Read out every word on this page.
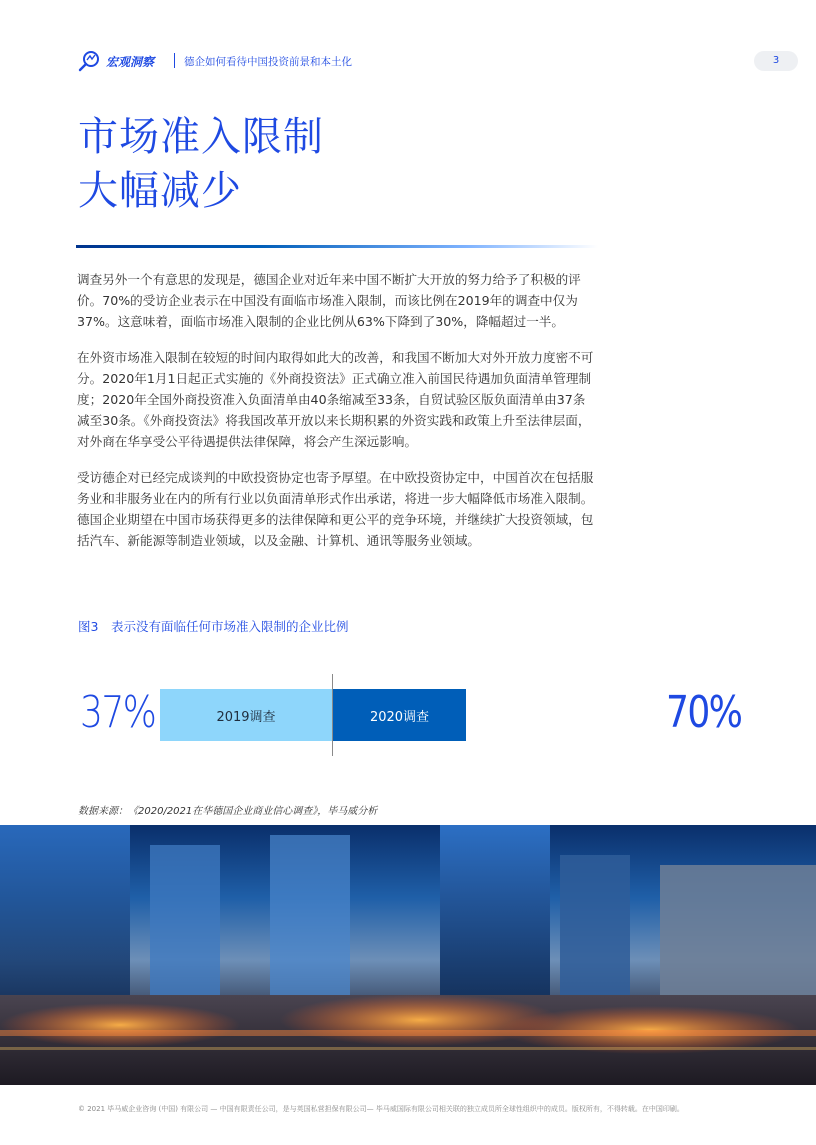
宏观洞察	德企如何看待中国投资前景和本土化	3
市场准入限制
大幅减少

调查另外一个有意思的发现是，德国企业对近年来中国不断扩大开放的努力给予了积极的评价。70%的受访企业表示在中国没有面临市场准入限制，而该比例在2019年的调查中仅为37%。这意味着，面临市场准入限制的企业比例从63%下降到了30%，降幅超过一半。

在外资市场准入限制在较短的时间内取得如此大的改善，和我国不断加大对外开放力度密不可分。2020年1月1日起正式实施的《外商投资法》正式确立准入前国民待遇加负面清单管理制度；2020年全国外商投资准入负面清单由40条缩减至33条，自贸试验区版负面清单由37条减至30条。《外商投资法》将我国改革开放以来长期积累的外资实践和政策上升至法律层面，对外商在华享受公平待遇提供法律保障，将会产生深远影响。

受访德企对已经完成谈判的中欧投资协定也寄予厚望。在中欧投资协定中，中国首次在包括服务业和非服务业在内的所有行业以负面清单形式作出承诺，将进一步大幅降低市场准入限制。德国企业期望在中国市场获得更多的法律保障和更公平的竞争环境，并继续扩大投资领域，包括汽车、新能源等制造业领域，以及金融、计算机、通讯等服务业领域。

图3　表示没有面临任何市场准入限制的企业比例
37%	2019调查	2020调查	70%
数据来源：《2020/2021在华德国企业商业信心调查》，毕马威分析
© 2021 毕马威企业咨询 (中国) 有限公司 — 中国有限责任公司，是与英国私营担保有限公司— 毕马威国际有限公司相关联的独立成员所全球性组织中的成员。版权所有，不得转载。在中国印刷。
